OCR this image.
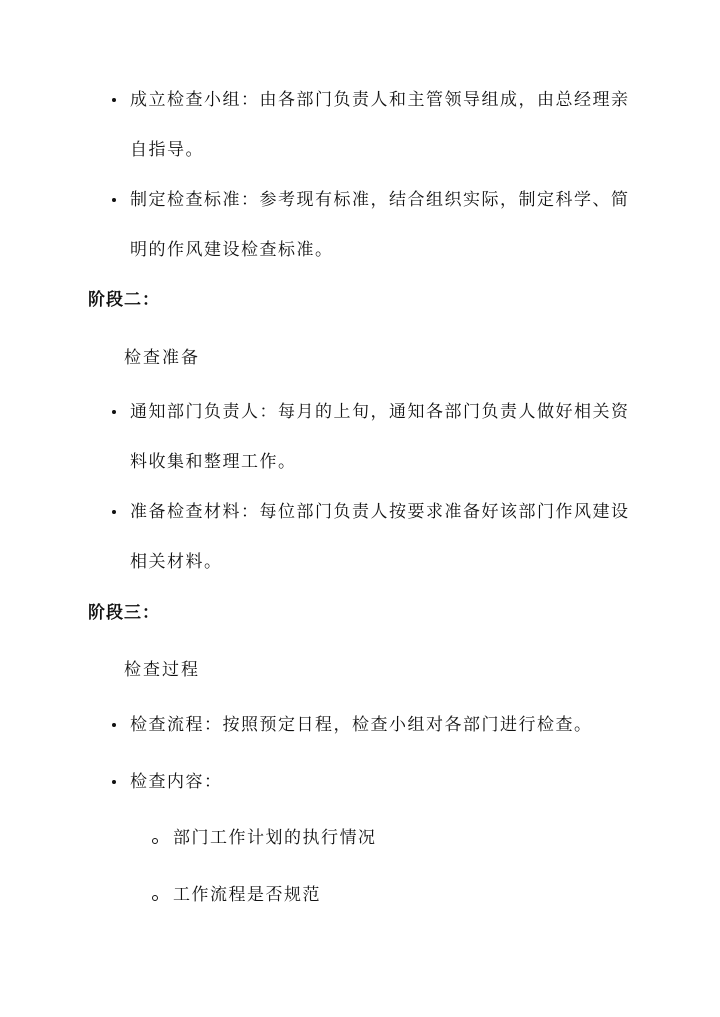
成立检查小组：由各部门负责人和主管领导组成，由总经理亲自指导。
制定检查标准：参考现有标准，结合组织实际，制定科学、简明的作风建设检查标准。
阶段二：
检查准备
通知部门负责人：每月的上旬，通知各部门负责人做好相关资料收集和整理工作。
准备检查材料：每位部门负责人按要求准备好该部门作风建设相关材料。
阶段三：
检查过程
检查流程：按照预定日程，检查小组对各部门进行检查。
检查内容：
部门工作计划的执行情况
工作流程是否规范
